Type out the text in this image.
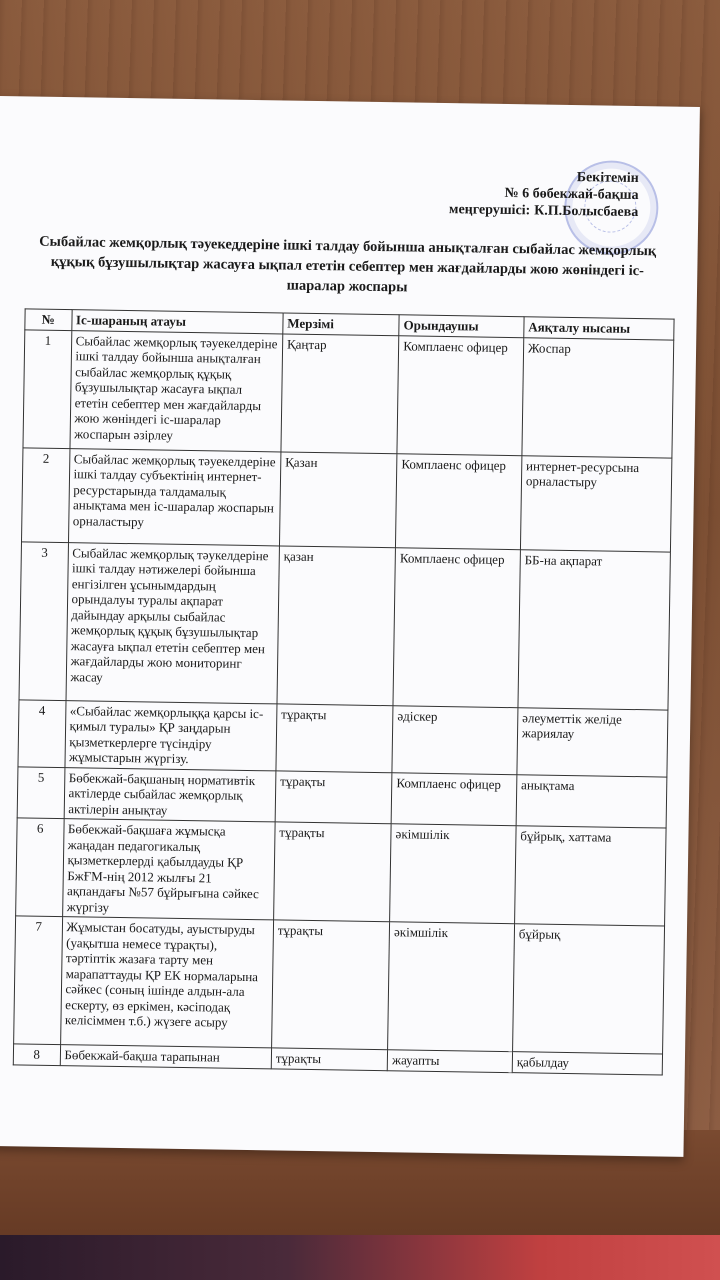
Бекітемін
№ 6 бөбекжай-бақша
К.П.Болысбаева
меңгерушісі:
Сыбайлас жемқорлық тәуекеддеріне ішкі талдау бойынша анықталған сыбайлас жемқорлық құқық бұзушылықтар жасауға ықпал ететін себептер мен жағдайларды жою жөніндегі іс-шаралар жоспары
№	Іс-шараның атауы	Мерзімі	Орындаушы	Аяқталу нысаны
1	Сыбайлас жемқорлық тәуекелдеріне ішкі талдау бойынша анықталған сыбайлас жемқорлық құқық бұзушылықтар жасауға ықпал ететін себептер мен жағдайларды жою жөніндегі іс-шаралар жоспарын әзірлеу	Қаңтар	Комплаенс офицер	Жоспар
2	Сыбайлас жемқорлық тәуекелдеріне ішкі талдау субъектінің интернет-ресурстарында талдамалық анықтама мен іс-шаралар жоспарын орналастыру	Қазан	Комплаенс офицер	интернет-ресурсына орналастыру
3	Сыбайлас жемқорлық тәукелдеріне ішкі талдау нәтижелері бойынша енгізілген ұсынымдардың орындалуы туралы ақпарат дайындау арқылы сыбайлас жемқорлық құқық бұзушылықтар жасауға ықпал ететін себептер мен жағдайларды жою мониторинг жасау	қазан	Комплаенс офицер	ББ-на ақпарат
4	«Сыбайлас жемқорлыққа қарсы іс-қимыл туралы» ҚР заңдарын қызметкерлерге түсіндіру жұмыстарын жүргізу.	тұрақты	әдіскер	әлеуметтік желіде жариялау
5	Бөбекжай-бақшаның нормативтік актілерде сыбайлас жемқорлық актілерін анықтау	тұрақты	Комплаенс офицер	анықтама
6	Бөбекжай-бақшаға жұмысқа жаңадан педагогикалық қызметкерлерді қабылдауды ҚР БжҒМ-нің 2012 жылғы 21 ақпандағы №57 бұйрығына сәйкес жүргізу	тұрақты	әкімшілік	бұйрық, хаттама
7	Жұмыстан босатуды, ауыстыруды (уақытша немесе тұрақты), тәртіптік жазаға тарту мен марапаттауды ҚР ЕК нормаларына сәйкес (соның ішінде алдын-ала ескерту, өз еркімен, кәсіподақ келісіммен т.б.) жүзеге асыру	тұрақты	әкімшілік	бұйрық
8	Бөбекжай-бақша тарапынан	тұрақты	жауапты	қабылдау
